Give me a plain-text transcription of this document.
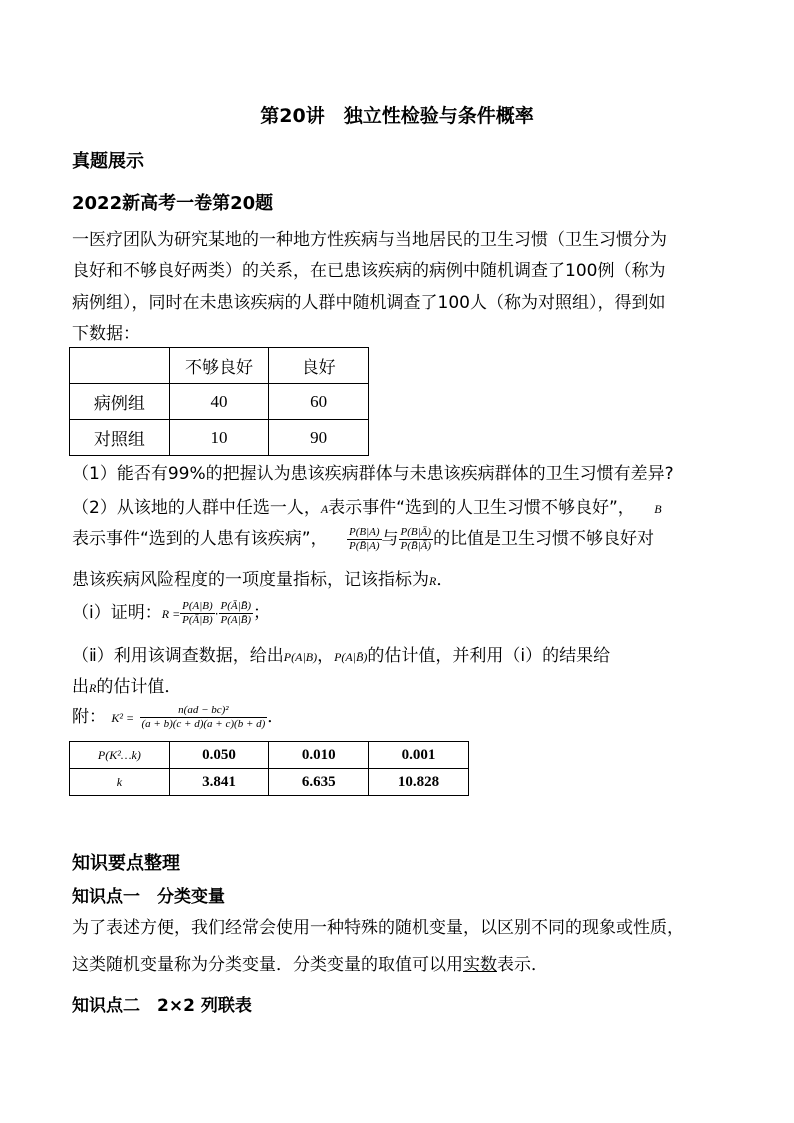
第20讲　独立性检验与条件概率
真题展示
2022新高考一卷第20题
一医疗团队为研究某地的一种地方性疾病与当地居民的卫生习惯（卫生习惯分为
良好和不够良好两类）的关系，在已患该疾病的病例中随机调查了100例（称为
病例组），同时在未患该疾病的人群中随机调查了100人（称为对照组），得到如
下数据：
	不够良好	良好
病例组	40	60
对照组	10	90
（1）能否有99%的把握认为患该疾病群体与未患该疾病群体的卫生习惯有差异?
（2）从该地的人群中任选一人，A表示事件“选到的人卫生习惯不够良好”， B
表示事件“选到的人患有该疾病”， $\frac{P(B|A)}{P(B̄|A)}$ 与 $\frac{P(B|Ā)}{P(B̄|Ā)}$ 的比值是卫生习惯不够良好对
患该疾病风险程度的一项度量指标，记该指标为R．
（ⅰ）证明：$R = \frac{P(A|B)}{P(Ā|B)} \cdot \frac{P(Ā|B̄)}{P(A|B̄)}$ ；
（ⅱ）利用该调查数据，给出P(A|B)，P(A|B̄)的估计值，并利用（ⅰ）的结果给
出R的估计值．
附： $K^2 = \frac{\text{n(ad − bc)²}}{(a + b)(c + d)(a + c)(b + d)}$ ．
P(K²…k)	0.050	0.010	0.001
k	3.841	6.635	10.828
知识要点整理
知识点一　分类变量
为了表述方便，我们经常会使用一种特殊的随机变量，以区别不同的现象或性质，
这类随机变量称为分类变量．分类变量的取值可以用实数表示．
知识点二　2×2 列联表
